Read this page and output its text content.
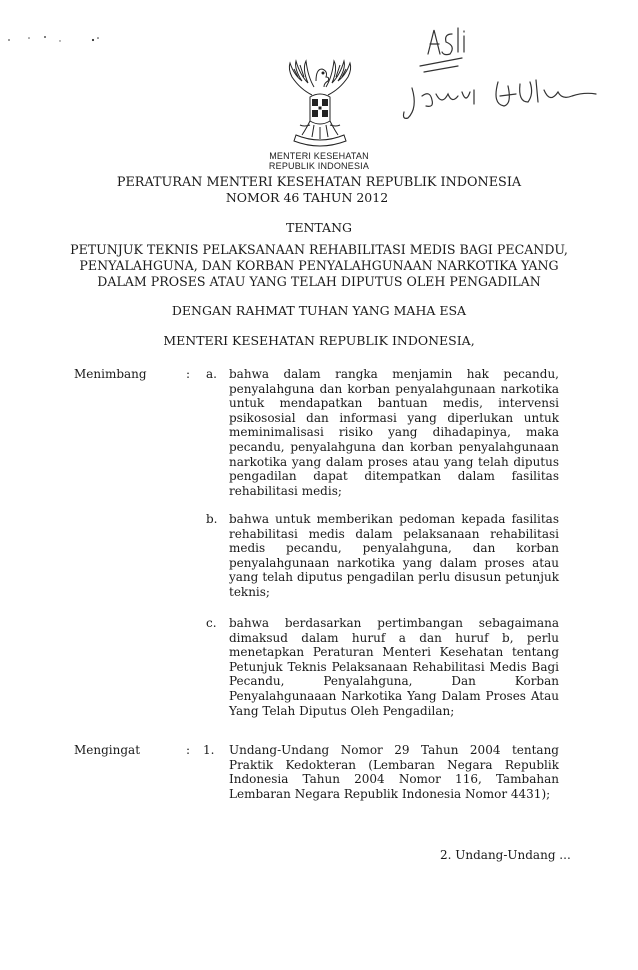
MENTERI KESEHATAN
REPUBLIK INDONESIA
PERATURAN MENTERI KESEHATAN REPUBLIK INDONESIA
NOMOR 46 TAHUN 2012
TENTANG
PETUNJUK TEKNIS PELAKSANAAN REHABILITASI MEDIS BAGI PECANDU,
PENYALAHGUNA, DAN KORBAN PENYALAHGUNAAN NARKOTIKA YANG
DALAM PROSES ATAU YANG TELAH DIPUTUS OLEH PENGADILAN
DENGAN RAHMAT TUHAN YANG MAHA ESA
MENTERI KESEHATAN REPUBLIK INDONESIA,
Menimbang	: a. bahwa dalam rangka menjamin hak pecandu, penyalahguna dan korban penyalahgunaan narkotika untuk mendapatkan bantuan medis, intervensi psikososial dan informasi yang diperlukan untuk meminimalisasi risiko yang dihadapinya, maka pecandu, penyalahguna dan korban penyalahgunaan narkotika yang dalam proses atau yang telah diputus pengadilan dapat ditempatkan dalam fasilitas rehabilitasi medis;
b. bahwa untuk memberikan pedoman kepada fasilitas rehabilitasi medis dalam pelaksanaan rehabilitasi medis pecandu, penyalahguna, dan korban penyalahgunaan narkotika yang dalam proses atau yang telah diputus pengadilan perlu disusun petunjuk teknis;
c. bahwa berdasarkan pertimbangan sebagaimana dimaksud dalam huruf a dan huruf b, perlu menetapkan Peraturan Menteri Kesehatan tentang Petunjuk Teknis Pelaksanaan Rehabilitasi Medis Bagi Pecandu, Penyalahguna, Dan Korban Penyalahgunaaan Narkotika Yang Dalam Proses Atau Yang Telah Diputus Oleh Pengadilan;
Mengingat	: 1. Undang-Undang Nomor 29 Tahun 2004 tentang Praktik Kedokteran (Lembaran Negara Republik Indonesia Tahun 2004 Nomor 116, Tambahan Lembaran Negara Republik Indonesia Nomor 4431);
2. Undang-Undang ...
